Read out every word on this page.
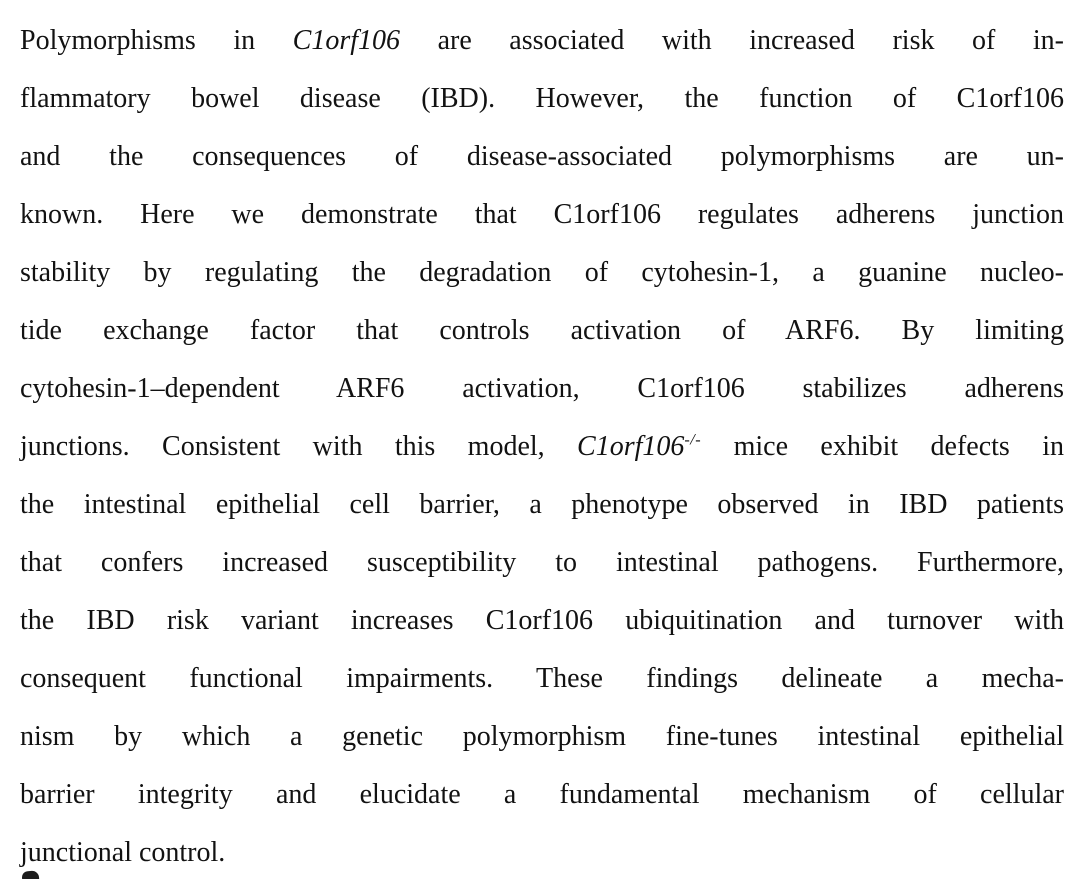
Polymorphisms in C1orf106 are associated with increased risk of in-
flammatory bowel disease (IBD). However, the function of C1orf106
and the consequences of disease-associated polymorphisms are un-
known. Here we demonstrate that C1orf106 regulates adherens junction
stability by regulating the degradation of cytohesin-1, a guanine nucleo-
tide exchange factor that controls activation of ARF6. By limiting
cytohesin-1–dependent ARF6 activation, C1orf106 stabilizes adherens
junctions. Consistent with this model, C1orf106-/- mice exhibit defects in
the intestinal epithelial cell barrier, a phenotype observed in IBD patients
that confers increased susceptibility to intestinal pathogens. Furthermore,
the IBD risk variant increases C1orf106 ubiquitination and turnover with
consequent functional impairments. These findings delineate a mecha-
nism by which a genetic polymorphism fine-tunes intestinal epithelial
barrier integrity and elucidate a fundamental mechanism of cellular
junctional control.
